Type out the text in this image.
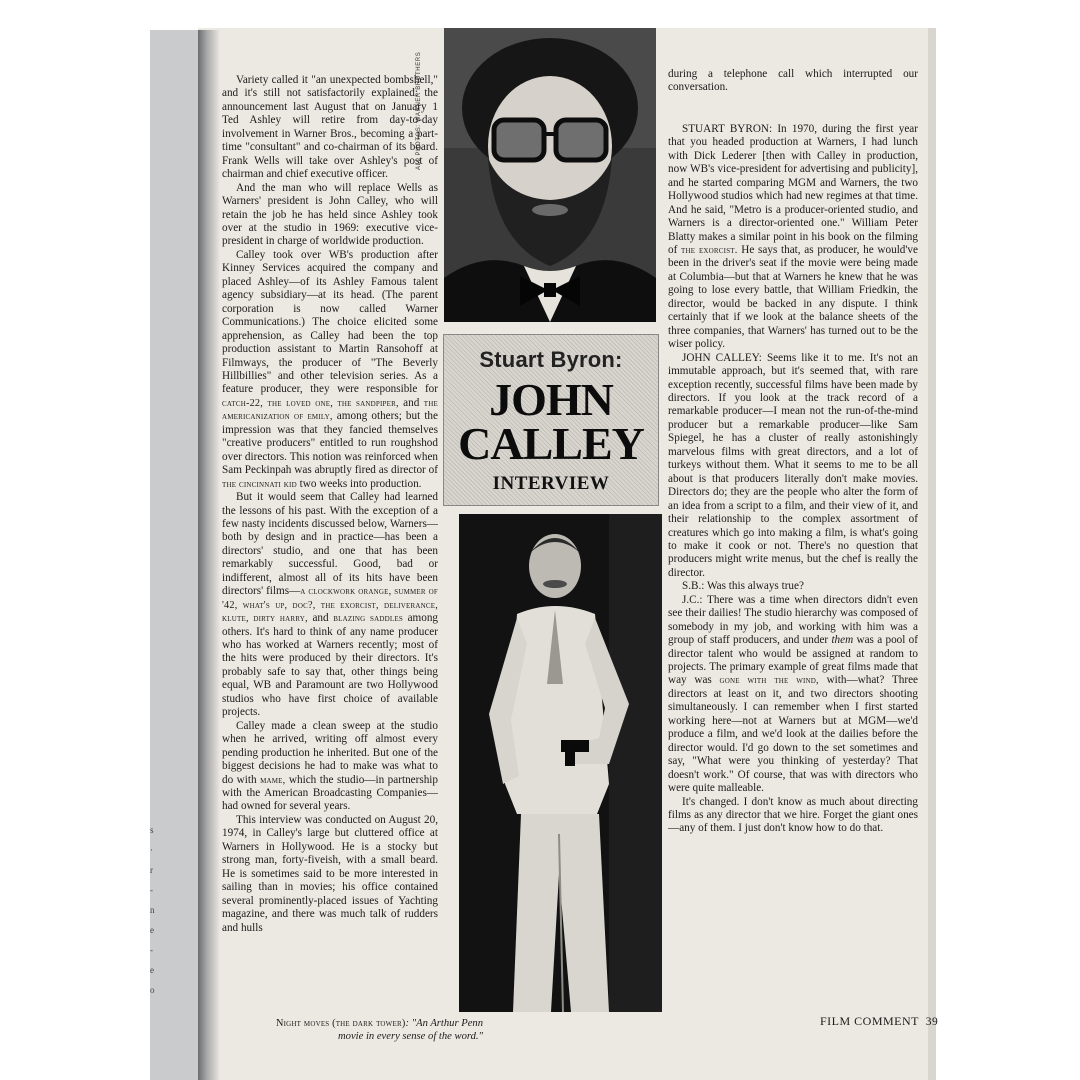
s
·
r
-
n
e
-
e
o
ALL PHOTOS: WARNER BROTHERS
Stuart Byron:
JOHN
CALLEY
INTERVIEW

Variety called it "an unexpected bombshell," and it's still not satisfactorily explained: the announcement last August that on January 1 Ted Ashley will retire from day-to-day involvement in Warner Bros., becoming a part-time "consultant" and co-chairman of its board. Frank Wells will take over Ashley's post of chairman and chief executive officer.

And the man who will replace Wells as Warners' president is John Calley, who will retain the job he has held since Ashley took over at the studio in 1969: executive vice-president in charge of worldwide production.

Calley took over WB's production after Kinney Services acquired the company and placed Ashley—of its Ashley Famous talent agency subsidiary—at its head. (The parent corporation is now called Warner Communications.) The choice elicited some apprehension, as Calley had been the top production assistant to Martin Ransohoff at Filmways, the producer of "The Beverly Hillbillies" and other television series. As a feature producer, they were responsible for catch-22, the loved one, the sandpiper, and the americanization of emily, among others; but the impression was that they fancied themselves "creative producers" entitled to run roughshod over directors. This notion was reinforced when Sam Peckinpah was abruptly fired as director of the cincinnati kid two weeks into production.

But it would seem that Calley had learned the lessons of his past. With the exception of a few nasty incidents discussed below, Warners—both by design and in practice—has been a directors' studio, and one that has been remarkably successful. Good, bad or indifferent, almost all of its hits have been directors' films—a clockwork orange, summer of '42, what's up, doc?, the exorcist, deliverance, klute, dirty harry, and blazing saddles among others. It's hard to think of any name producer who has worked at Warners recently; most of the hits were produced by their directors. It's probably safe to say that, other things being equal, WB and Paramount are two Hollywood studios who have first choice of available projects.

Calley made a clean sweep at the studio when he arrived, writing off almost every pending production he inherited. But one of the biggest decisions he had to make was what to do with mame, which the studio—in partnership with the American Broadcasting Companies—had owned for several years.

This interview was conducted on August 20, 1974, in Calley's large but cluttered office at Warners in Hollywood. He is a stocky but strong man, forty-fiveish, with a small beard. He is sometimes said to be more interested in sailing than in movies; his office contained several prominently-placed issues of Yachting magazine, and there was much talk of rudders and hulls

during a telephone call which interrupted our conversation.

STUART BYRON: In 1970, during the first year that you headed production at Warners, I had lunch with Dick Lederer [then with Calley in production, now WB's vice-president for advertising and publicity], and he started comparing MGM and Warners, the two Hollywood studios which had new regimes at that time. And he said, "Metro is a producer-oriented studio, and Warners is a director-oriented one." William Peter Blatty makes a similar point in his book on the filming of the exorcist. He says that, as producer, he would've been in the driver's seat if the movie were being made at Columbia—but that at Warners he knew that he was going to lose every battle, that William Friedkin, the director, would be backed in any dispute. I think certainly that if we look at the balance sheets of the three companies, that Warners' has turned out to be the wiser policy.

JOHN CALLEY: Seems like it to me. It's not an immutable approach, but it's seemed that, with rare exception recently, successful films have been made by directors. If you look at the track record of a remarkable producer—I mean not the run-of-the-mind producer but a remarkable producer—like Sam Spiegel, he has a cluster of really astonishingly marvelous films with great directors, and a lot of turkeys without them. What it seems to me to be all about is that producers literally don't make movies. Directors do; they are the people who alter the form of an idea from a script to a film, and their view of it, and their relationship to the complex assortment of creatures which go into making a film, is what's going to make it cook or not. There's no question that producers might write menus, but the chef is really the director.

S.B.: Was this always true?

J.C.: There was a time when directors didn't even see their dailies! The studio hierarchy was composed of somebody in my job, and working with him was a group of staff producers, and under them was a pool of director talent who would be assigned at random to projects. The primary example of great films made that way was gone with the wind, with—what? Three directors at least on it, and two directors shooting simultaneously. I can remember when I first started working here—not at Warners but at MGM—we'd produce a film, and we'd look at the dailies before the director would. I'd go down to the set sometimes and say, "What were you thinking of yesterday? That doesn't work." Of course, that was with directors who were quite malleable.

It's changed. I don't know as much about directing films as any director that we hire. Forget the giant ones—any of them. I just don't know how to do that.

Night moves (the dark tower): "An Arthur Penn movie in every sense of the word."
FILM COMMENT 39
